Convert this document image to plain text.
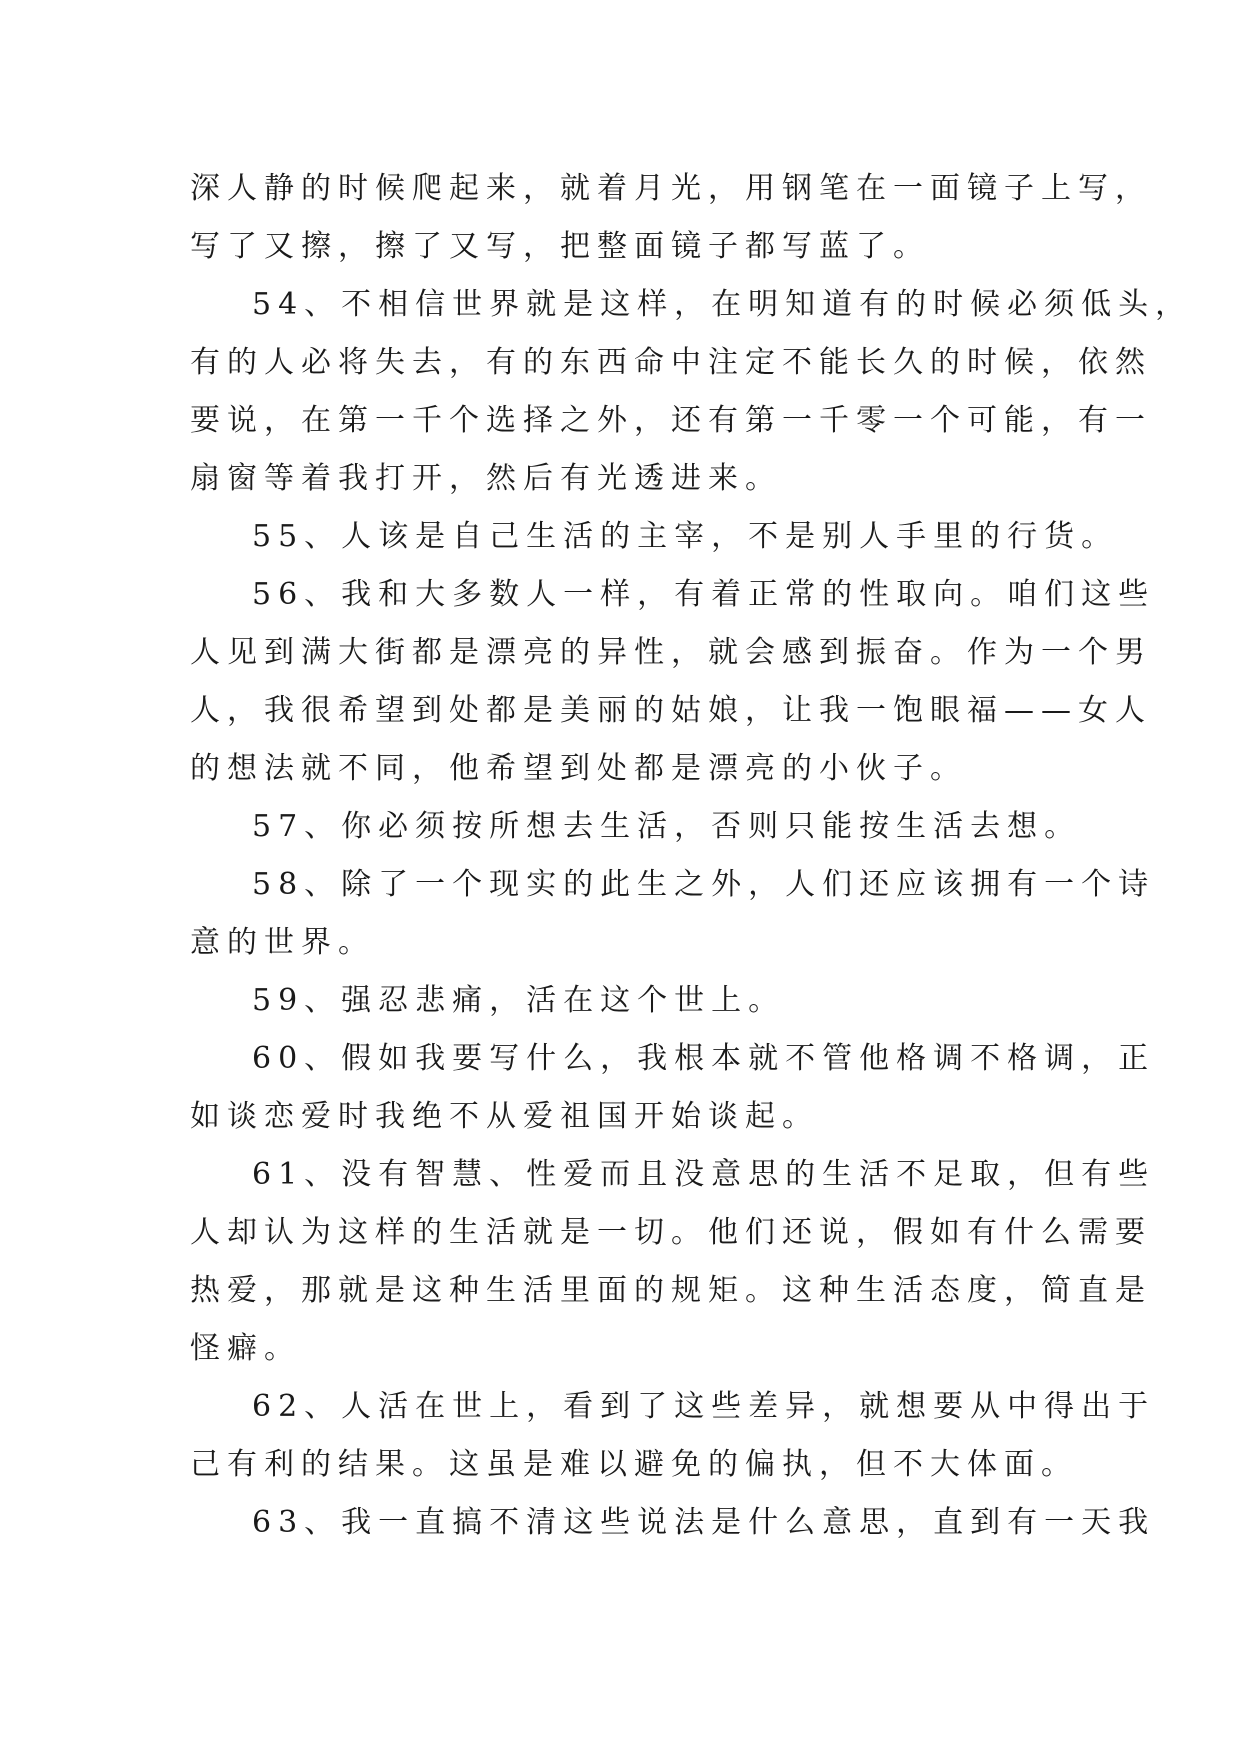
深人静的时候爬起来，就着月光，用钢笔在一面镜子上写，
写了又擦，擦了又写，把整面镜子都写蓝了。

54、不相信世界就是这样，在明知道有的时候必须低头，
有的人必将失去，有的东西命中注定不能长久的时候，依然
要说，在第一千个选择之外，还有第一千零一个可能，有一
扇窗等着我打开，然后有光透进来。

55、人该是自己生活的主宰，不是别人手里的行货。

56、我和大多数人一样，有着正常的性取向。咱们这些
人见到满大街都是漂亮的异性，就会感到振奋。作为一个男
人，我很希望到处都是美丽的姑娘，让我一饱眼福——女人
的想法就不同，他希望到处都是漂亮的小伙子。

57、你必须按所想去生活，否则只能按生活去想。

58、除了一个现实的此生之外，人们还应该拥有一个诗
意的世界。

59、强忍悲痛，活在这个世上。

60、假如我要写什么，我根本就不管他格调不格调，正
如谈恋爱时我绝不从爱祖国开始谈起。

61、没有智慧、性爱而且没意思的生活不足取，但有些
人却认为这样的生活就是一切。他们还说，假如有什么需要
热爱，那就是这种生活里面的规矩。这种生活态度，简直是
怪癖。

62、人活在世上，看到了这些差异，就想要从中得出于
己有利的结果。这虽是难以避免的偏执，但不大体面。

63、我一直搞不清这些说法是什么意思，直到有一天我
